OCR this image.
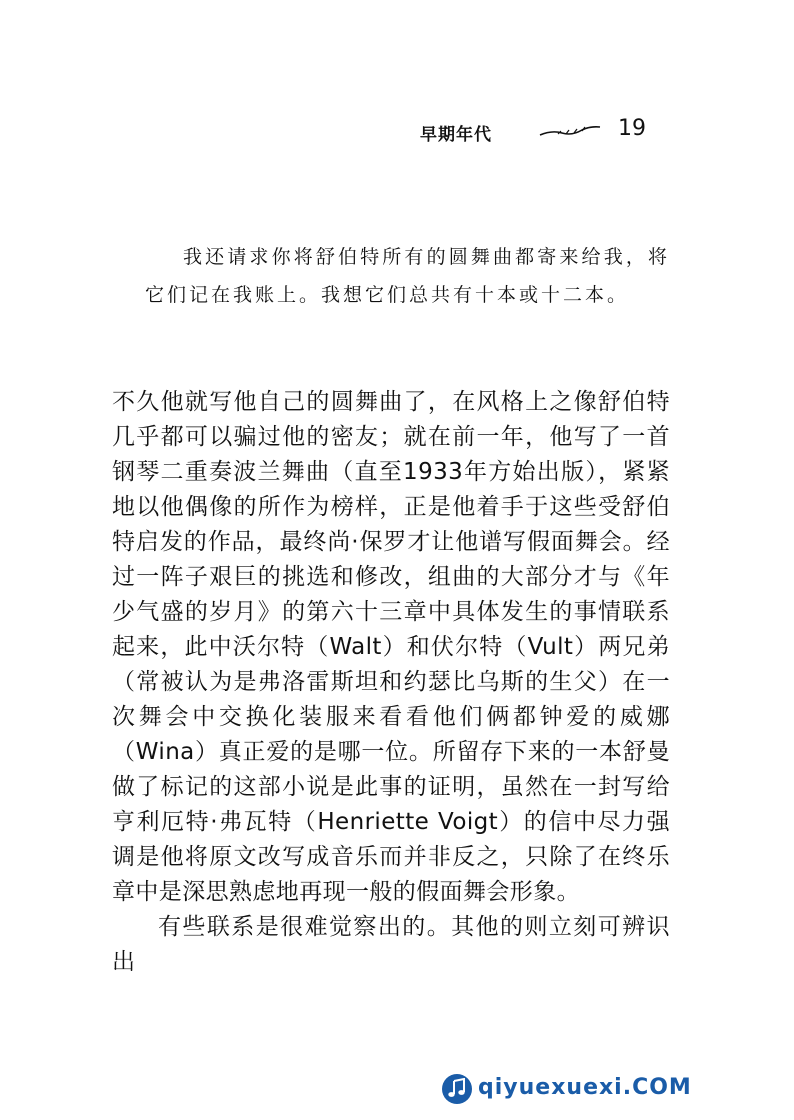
早期年代	19

我还请求你将舒伯特所有的圆舞曲都寄来给我，将它们记在我账上。我想它们总共有十本或十二本。

不久他就写他自己的圆舞曲了，在风格上之像舒伯特几乎都可以骗过他的密友；就在前一年，他写了一首钢琴二重奏波兰舞曲（直至1933年方始出版），紧紧地以他偶像的所作为榜样，正是他着手于这些受舒伯特启发的作品，最终尚·保罗才让他谱写假面舞会。经过一阵子艰巨的挑选和修改，组曲的大部分才与《年少气盛的岁月》的第六十三章中具体发生的事情联系起来，此中沃尔特（Walt）和伏尔特（Vult）两兄弟（常被认为是弗洛雷斯坦和约瑟比乌斯的生父）在一次舞会中交换化装服来看看他们俩都钟爱的威娜（Wina）真正爱的是哪一位。所留存下来的一本舒曼做了标记的这部小说是此事的证明，虽然在一封写给亨利厄特·弗瓦特（Henriette Voigt）的信中尽力强调是他将原文改写成音乐而并非反之，只除了在终乐章中是深思熟虑地再现一般的假面舞会形象。

有些联系是很难觉察出的。其他的则立刻可辨识出

qiyuexuexi.COM
